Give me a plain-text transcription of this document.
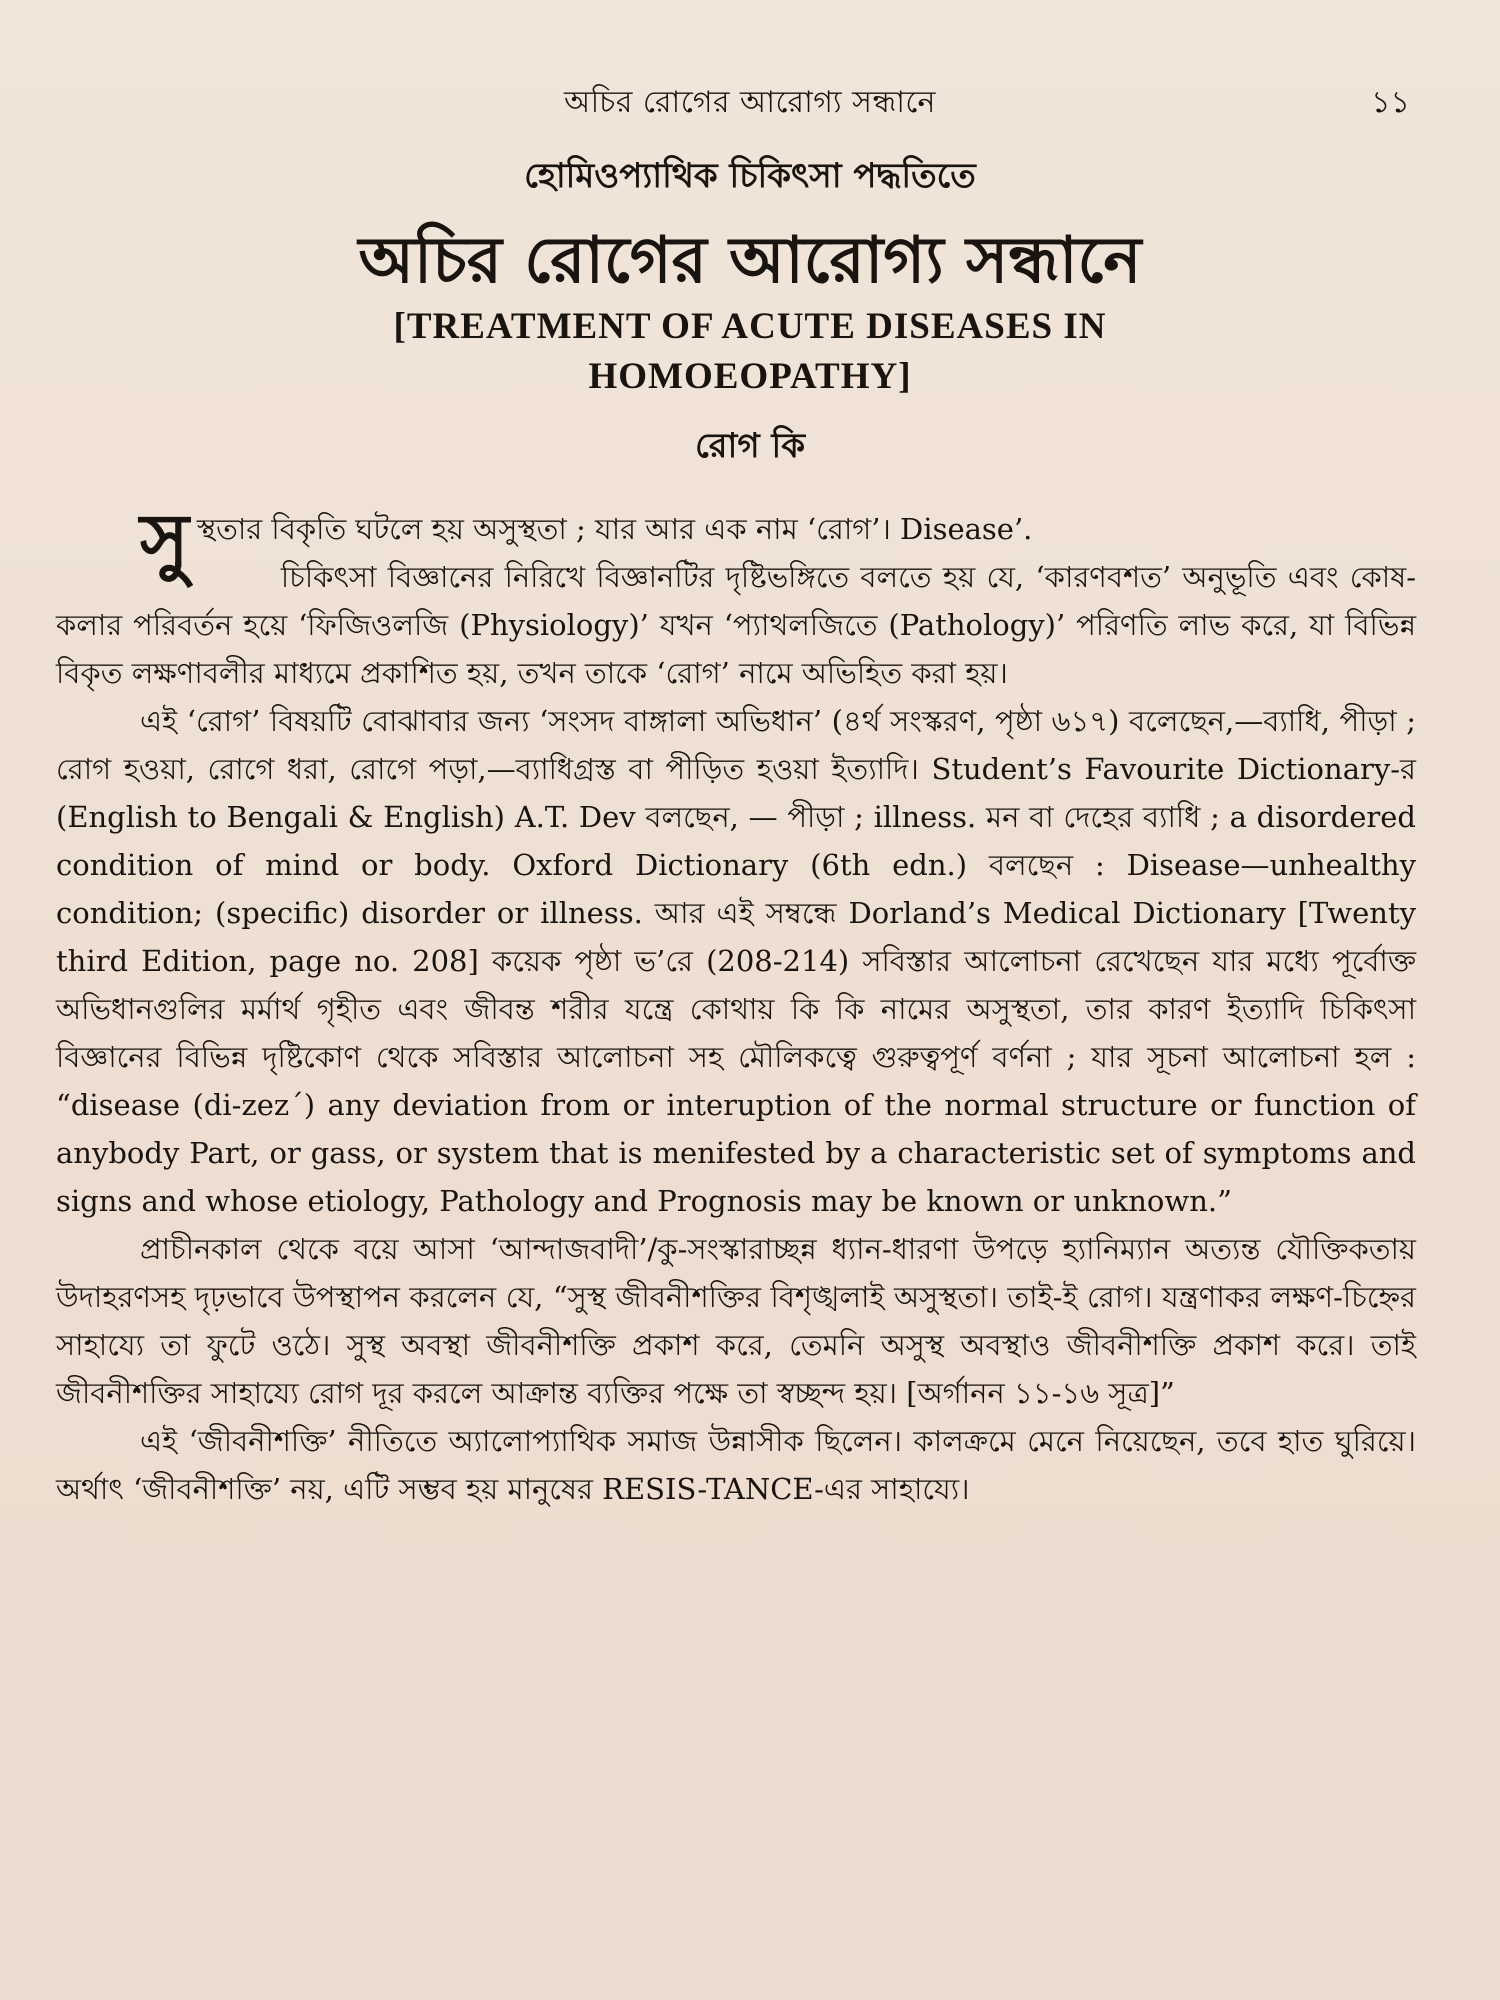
অচির রোগের আরোগ্য সন্ধানে	১১
হোমিওপ্যাথিক চিকিৎসা পদ্ধতিতে
অচির রোগের আরোগ্য সন্ধানে
[TREATMENT OF ACUTE DISEASES IN
HOMOEOPATHY]
রোগ কি

সুস্থতার বিকৃতি ঘটলে হয় অসুস্থতা ; যার আর এক নাম ‘রোগ’। Disease’.

চিকিৎসা বিজ্ঞানের নিরিখে বিজ্ঞানটির দৃষ্টিভঙ্গিতে বলতে হয় যে, ‘কারণবশত’ অনুভূতি এবং কোষ-কলার পরিবর্তন হয়ে ‘ফিজিওলজি (Physiology)’ যখন ‘প্যাথলজিতে (Pathology)’ পরিণতি লাভ করে, যা বিভিন্ন বিকৃত লক্ষণাবলীর মাধ্যমে প্রকাশিত হয়, তখন তাকে ‘রোগ’ নামে অভিহিত করা হয়।

এই ‘রোগ’ বিষয়টি বোঝাবার জন্য ‘সংসদ বাঙ্গালা অভিধান’ (৪র্থ সংস্করণ, পৃষ্ঠা ৬১৭) বলেছেন,—ব্যাধি, পীড়া ; রোগ হওয়া, রোগে ধরা, রোগে পড়া,—ব্যাধিগ্রস্ত বা পীড়িত হওয়া ইত্যাদি। Student’s Favourite Dictionary-র (English to Bengali & English) A.T. Dev বলছেন, — পীড়া ; illness. মন বা দেহের ব্যাধি ; a disordered condition of mind or body. Oxford Dictionary (6th edn.) বলছেন : Disease—unhealthy condition; (specific) disorder or illness. আর এই সম্বন্ধে Dorland’s Medical Dictionary [Twenty third Edition, page no. 208] কয়েক পৃষ্ঠা ভ’রে (208-214) সবিস্তার আলোচনা রেখেছেন যার মধ্যে পূর্বোক্ত অভিধানগুলির মর্মার্থ গৃহীত এবং জীবন্ত শরীর যন্ত্রে কোথায় কি কি নামের অসুস্থতা, তার কারণ ইত্যাদি চিকিৎসা বিজ্ঞানের বিভিন্ন দৃষ্টিকোণ থেকে সবিস্তার আলোচনা সহ মৌলিকত্বে গুরুত্বপূর্ণ বর্ণনা ; যার সূচনা আলোচনা হল : “disease (di-zez´) any deviation from or interuption of the normal structure or function of anybody Part, or gass, or system that is menifested by a characteristic set of symptoms and signs and whose etiology, Pathology and Prognosis may be known or unknown.”

প্রাচীনকাল থেকে বয়ে আসা ‘আন্দাজবাদী’/কু-সংস্কারাচ্ছন্ন ধ্যান-ধারণা উপড়ে হ্যানিম্যান অত্যন্ত যৌক্তিকতায় উদাহরণসহ দৃঢ়ভাবে উপস্থাপন করলেন যে, “সুস্থ জীবনীশক্তির বিশৃঙ্খলাই অসুস্থতা। তাই-ই রোগ। যন্ত্রণাকর লক্ষণ-চিহ্নের সাহায্যে তা ফুটে ওঠে। সুস্থ অবস্থা জীবনীশক্তি প্রকাশ করে, তেমনি অসুস্থ অবস্থাও জীবনীশক্তি প্রকাশ করে। তাই জীবনীশক্তির সাহায্যে রোগ দূর করলে আক্রান্ত ব্যক্তির পক্ষে তা স্বচ্ছন্দ হয়। [অর্গানন ১১-১৬ সূত্র]”

এই ‘জীবনীশক্তি’ নীতিতে অ্যালোপ্যাথিক সমাজ উন্নাসীক ছিলেন। কালক্রমে মেনে নিয়েছেন, তবে হাত ঘুরিয়ে। অর্থাৎ ‘জীবনীশক্তি’ নয়, এটি সম্ভব হয় মানুষের RESIS-TANCE-এর সাহায্যে।
